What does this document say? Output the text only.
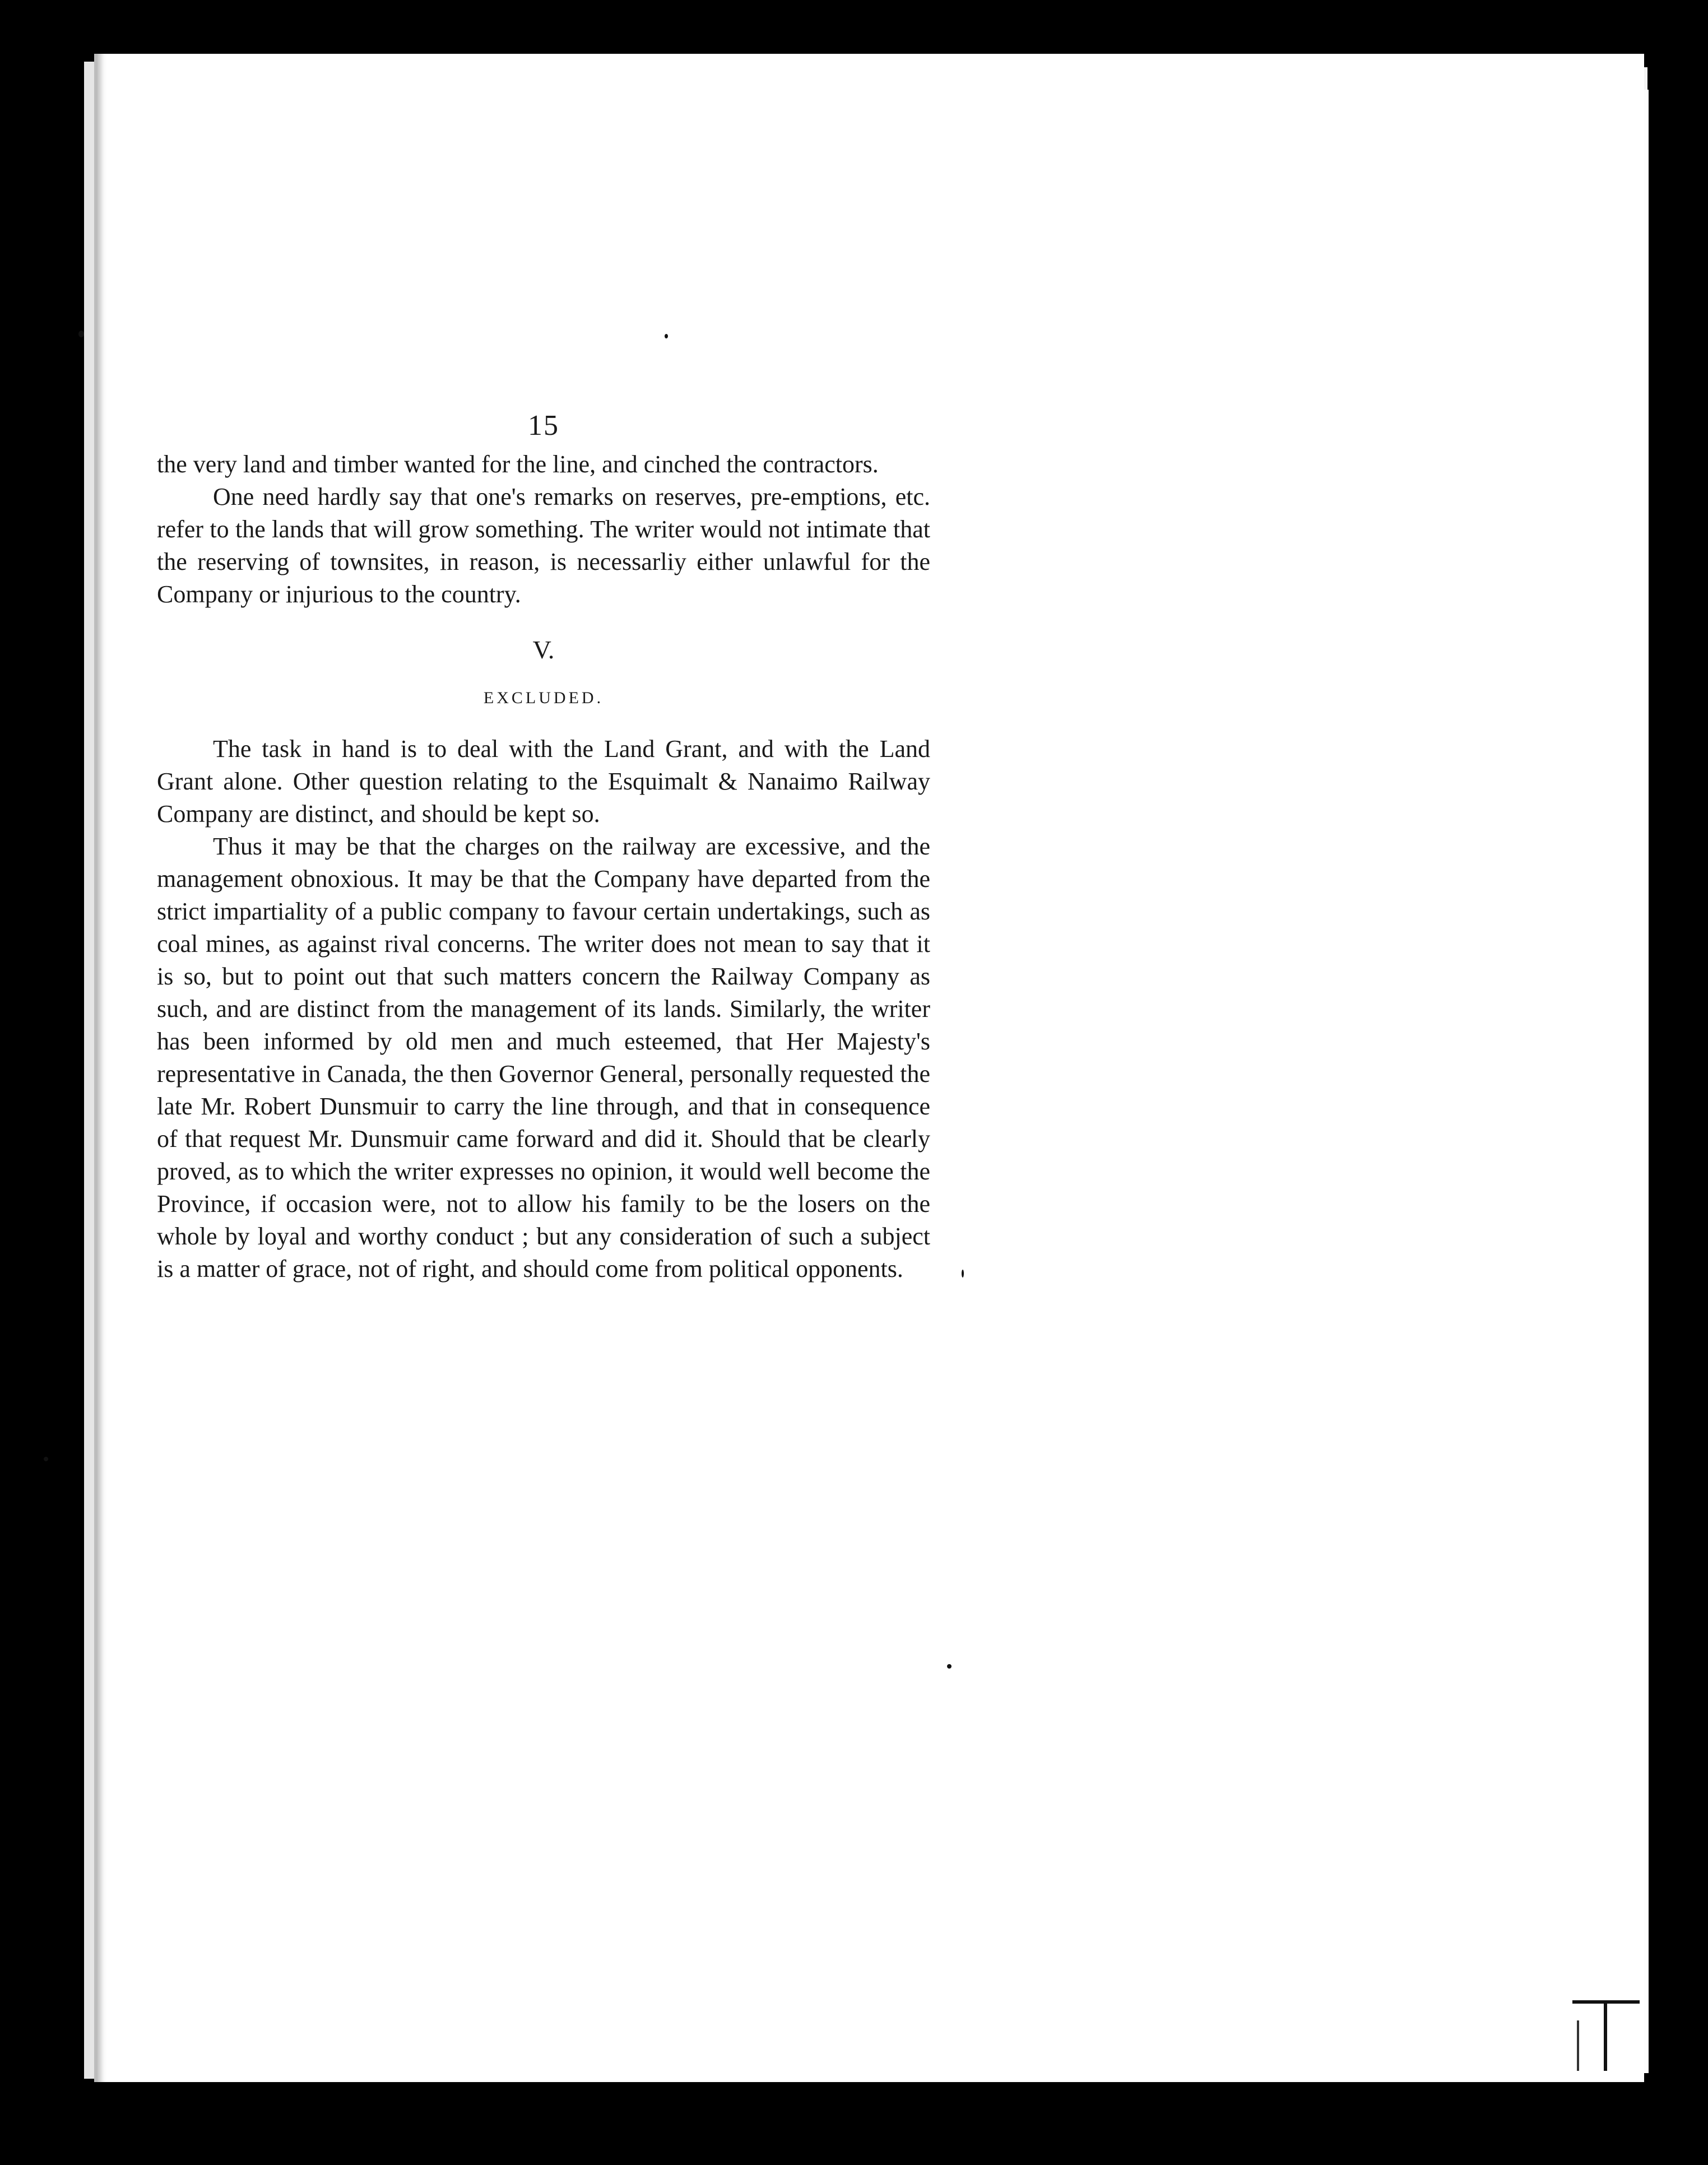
15

the very land and timber wanted for the line, and cinched the contractors.

One need hardly say that one's remarks on reserves, pre-emptions, etc. refer to the lands that will grow something. The writer would not intimate that the reserving of townsites, in reason, is necessarliy either unlawful for the Company or injurious to the country.

V.
EXCLUDED.

The task in hand is to deal with the Land Grant, and with the Land Grant alone. Other question relating to the Esquimalt & Nanaimo Railway Company are distinct, and should be kept so.

Thus it may be that the charges on the railway are excessive, and the management obnoxious. It may be that the Company have departed from the strict impartiality of a public company to favour certain undertakings, such as coal mines, as against rival concerns. The writer does not mean to say that it is so, but to point out that such matters concern the Railway Company as such, and are distinct from the management of its lands. Similarly, the writer has been informed by old men and much esteemed, that Her Majesty's representative in Canada, the then Governor General, personally requested the late Mr. Robert Dunsmuir to carry the line through, and that in consequence of that request Mr. Dunsmuir came forward and did it. Should that be clearly proved, as to which the writer expresses no opinion, it would well become the Province, if occasion were, not to allow his family to be the losers on the whole by loyal and worthy conduct ; but any consideration of such a subject is a matter of grace, not of right, and should come from political opponents.
